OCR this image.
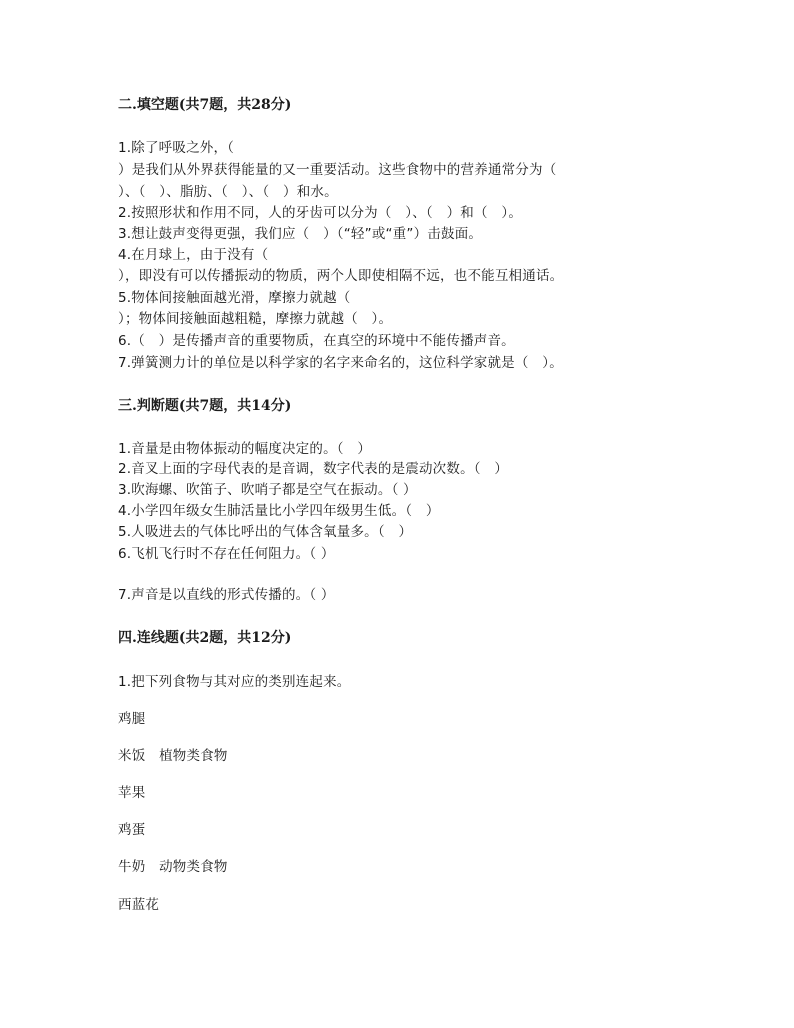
二.填空题(共7题，共28分)
1.除了呼吸之外，（
）是我们从外界获得能量的又一重要活动。这些食物中的营养通常分为（
）、（　）、脂肪、（　）、（　）和水。
2.按照形状和作用不同，人的牙齿可以分为（　）、（　）和（　）。
3.想让鼓声变得更强，我们应（　）（“轻”或“重”）击鼓面。
4.在月球上，由于没有（
），即没有可以传播振动的物质，两个人即使相隔不远，也不能互相通话。
5.物体间接触面越光滑，摩擦力就越（
）；物体间接触面越粗糙，摩擦力就越（　）。
6.（　）是传播声音的重要物质，在真空的环境中不能传播声音。
7.弹簧测力计的单位是以科学家的名字来命名的，这位科学家就是（　）。
三.判断题(共7题，共14分)
1.音量是由物体振动的幅度决定的。（　）
2.音叉上面的字母代表的是音调，数字代表的是震动次数。（　）
3.吹海螺、吹笛子、吹哨子都是空气在振动。（ ）
4.小学四年级女生肺活量比小学四年级男生低。（　）
5.人吸进去的气体比呼出的气体含氧量多。（　）
6.飞机飞行时不存在任何阻力。（ ）
7.声音是以直线的形式传播的。（ ）
四.连线题(共2题，共12分)
1.把下列食物与其对应的类别连起来。
鸡腿
米饭　植物类食物
苹果
鸡蛋
牛奶　动物类食物
西蓝花
